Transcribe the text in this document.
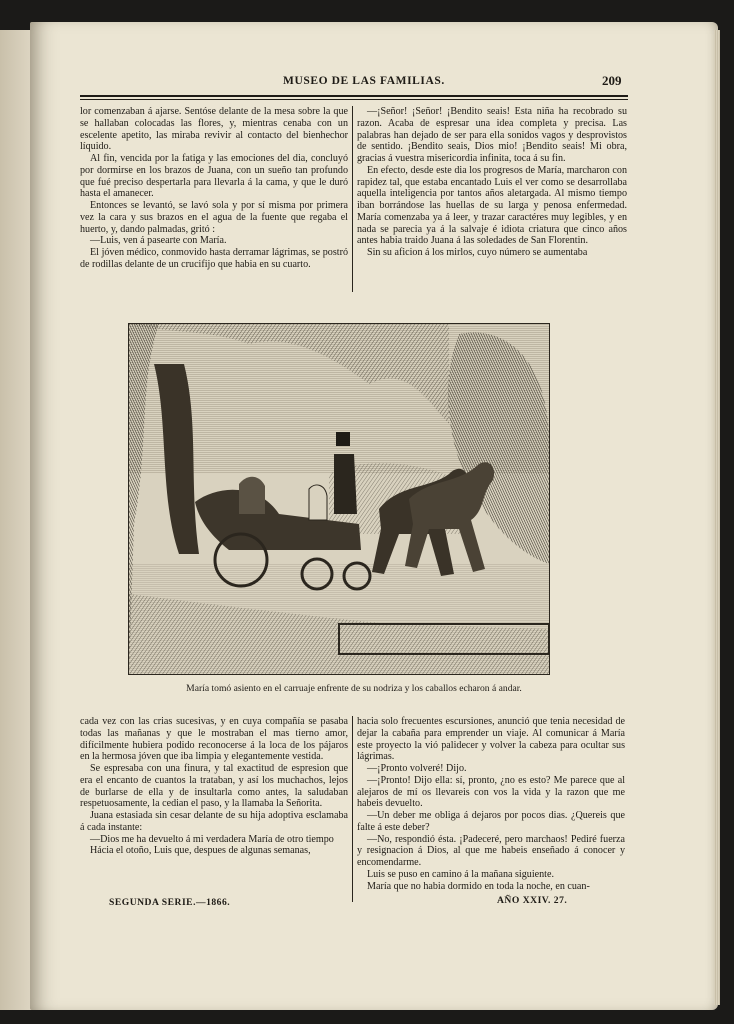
MUSEO DE LAS FAMILIAS.	209

lor comenzaban á ajarse. Sentóse delante de la mesa sobre la que se hallaban colocadas las flores, y, mientras cenaba con un escelente apetito, las miraba revivir al contacto del bienhechor líquido.

Al fin, vencida por la fatiga y las emociones del dia, concluyó por dormirse en los brazos de Juana, con un sueño tan profundo que fué preciso despertarla para llevarla á la cama, y que le duró hasta el amanecer.

Entonces se levantó, se lavó sola y por sí misma por primera vez la cara y sus brazos en el agua de la fuente que regaba el huerto, y, dando palmadas, gritó :

—Luis, ven á pasearte con María.

El jóven médico, conmovido hasta derramar lágrimas, se postró de rodillas delante de un crucifijo que habia en su cuarto.

—¡Señor! ¡Señor! ¡Bendito seais! Esta niña ha recobrado su razon. Acaba de espresar una idea completa y precisa. Las palabras han dejado de ser para ella sonidos vagos y desprovistos de sentido. ¡Bendito seais, Dios mio! ¡Bendito seais! Mi obra, gracias á vuestra misericordia infinita, toca á su fin.

En efecto, desde este dia los progresos de María, marcharon con rapidez tal, que estaba encantado Luis el ver como se desarrollaba aquella inteligencia por tantos años aletargada. Al mismo tiempo iban borrándose las huellas de su larga y penosa enfermedad. María comenzaba ya á leer, y trazar caractéres muy legibles, y en nada se parecia ya á la salvaje é idiota criatura que cinco años antes habia traido Juana á las soledades de San Florentin.

Sin su aficion á los mirlos, cuyo número se aumentaba

María tomó asiento en el carruaje enfrente de su nodriza y los caballos echaron á andar.

cada vez con las crias sucesivas, y en cuya compañía se pasaba todas las mañanas y que le mostraban el mas tierno amor, difícilmente hubiera podido reconocerse á la loca de los pájaros en la hermosa jóven que iba limpia y elegantemente vestida.

Se espresaba con una finura, y tal exactitud de espresion que era el encanto de cuantos la trataban, y así los muchachos, lejos de burlarse de ella y de insultarla como antes, la saludaban respetuosamente, la cedian el paso, y la llamaba la Señorita.

Juana estasiada sin cesar delante de su hija adoptiva esclamaba á cada instante:

—Dios me ha devuelto á mi verdadera María de otro tiempo

Hácia el otoño, Luis que, despues de algunas semanas,

hacia solo frecuentes escursiones, anunció que tenia necesidad de dejar la cabaña para emprender un viaje. Al comunicar á María este proyecto la vió palidecer y volver la cabeza para ocultar sus lágrimas.

—¡Pronto volveré! Dijo.

—¡Pronto! Dijo ella: sí, pronto, ¿no es esto? Me parece que al alejaros de mí os llevareis con vos la vida y la razon que me habeis devuelto.

—Un deber me obliga á dejaros por pocos dias. ¿Quereis que falte á este deber?

—No, respondió ésta. ¡Padeceré, pero marchaos! Pediré fuerza y resignacion á Dios, al que me habeis enseñado á conocer y encomendarme.

Luis se puso en camino á la mañana siguiente.

María que no habia dormido en toda la noche, en cuan-

SEGUNDA SERIE.—1866.	AÑO XXIV. 27.
